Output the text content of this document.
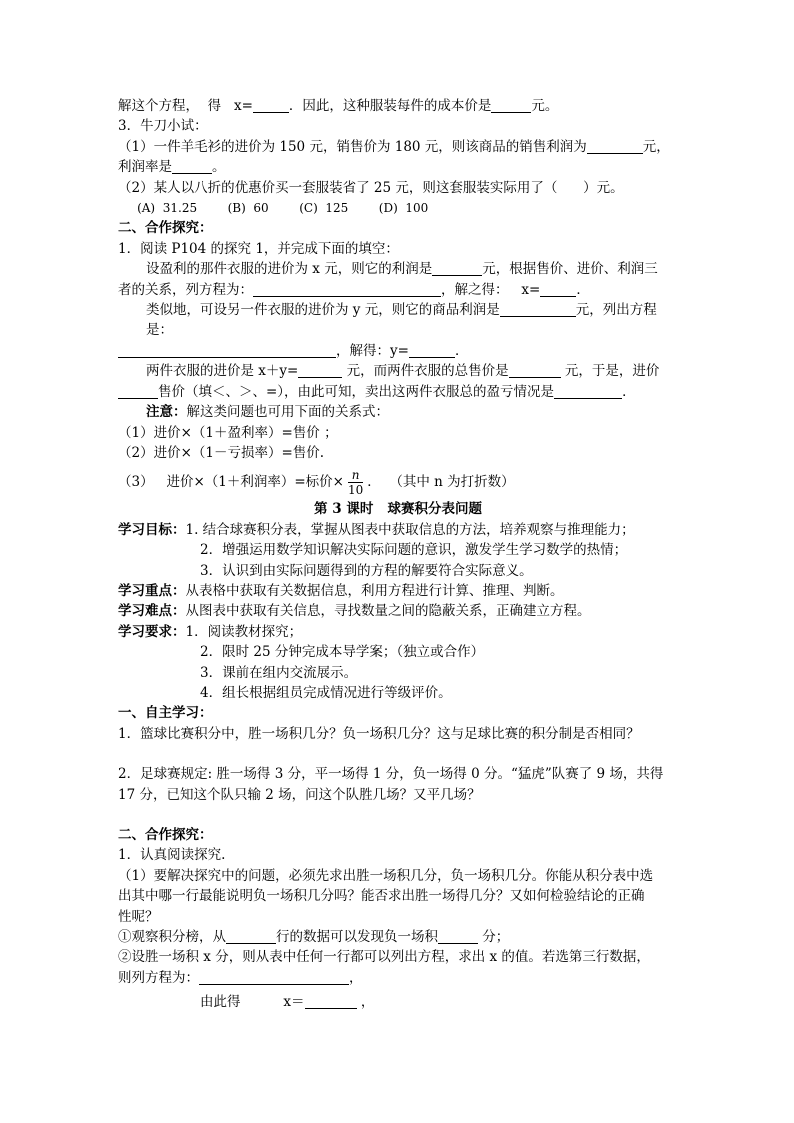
解这个方程，  得   x=	．因此，这种服装每件的成本价是	元。
3．牛刀小试：
（1）一件羊毛衫的进价为 150 元，销售价为 180 元，则该商品的销售利润为	元，
利润率是	。
（2）某人以八折的优惠价买一套服装省了 25 元，则这套服装实际用了（      ）元。
(A)  31.25        (B)  60        (C)  125        (D)  100
二、合作探究：
1．阅读 P104 的探究 1，并完成下面的填空：
设盈利的那件衣服的进价为 x 元，则它的利润是	元，根据售价、进价、利润三
者的关系，列方程为：	，解之得：   x=	．
类似地，可设另一件衣服的进价为 y 元，则它的商品利润是	元，列出方程是：
，解得：y=	．
两件衣服的进价是 x＋y=	元，而两件衣服的总售价是	元，于是，进价
售价（填＜、＞、=），由此可知，卖出这两件衣服总的盈亏情况是	．
注意：解这类问题也可用下面的关系式：
（1）进价×（1＋盈利率）=售价 ；
（2）进价×（1－亏损率）=售价.
（3）   进价×（1＋利润率）=标价× $\frac{n}{10}$ ．  （其中 n 为打折数）
第 3 课时   球赛积分表问题
学习目标：1. 结合球赛积分表，掌握从图表中获取信息的方法，培养观察与推理能力；
2．增强运用数学知识解决实际问题的意识，激发学生学习数学的热情；
3．认识到由实际问题得到的方程的解要符合实际意义。
学习重点：从表格中获取有关数据信息，利用方程进行计算、推理、判断。
学习难点：从图表中获取有关信息，寻找数量之间的隐蔽关系，正确建立方程。
学习要求：1．阅读教材探究；
2．限时 25 分钟完成本导学案；（独立或合作）
3．课前在组内交流展示。
4．组长根据组员完成情况进行等级评价。
一、自主学习：
1．篮球比赛积分中，胜一场积几分？负一场积几分？这与足球比赛的积分制是否相同？
2．足球赛规定: 胜一场得 3 分，平一场得 1 分，负一场得 0 分。“猛虎”队赛了 9 场，共得
17 分，已知这个队只输 2 场，问这个队胜几场？又平几场？
二、合作探究：
1．认真阅读探究.
（1）要解决探究中的问题，必须先求出胜一场积几分，负一场积几分。你能从积分表中选
出其中哪一行最能说明负一场积几分吗？能否求出胜一场得几分？又如何检验结论的正确
性呢？
①观察积分榜，从	行的数据可以发现负一场积	分；
②设胜一场积 x 分，则从表中任何一行都可以列出方程，求出 x 的值。若选第三行数据，
则列方程为：	，
由此得          x＝	，
